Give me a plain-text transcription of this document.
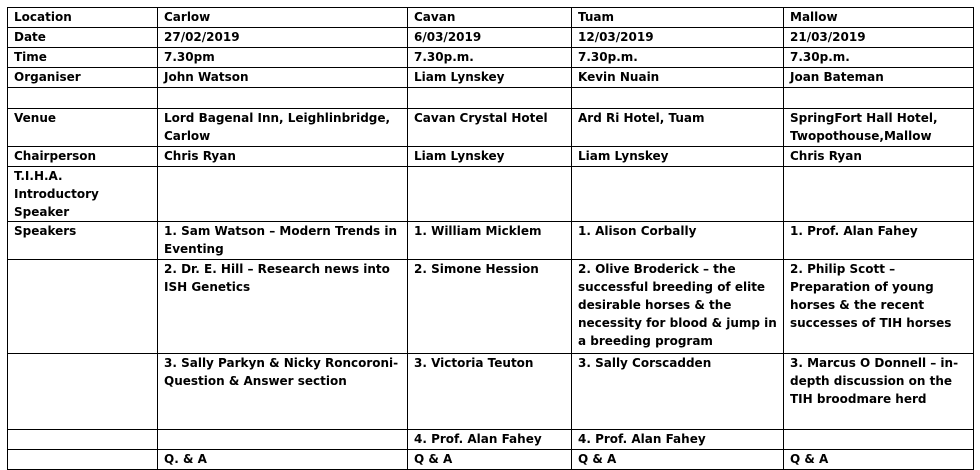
Location	Carlow	Cavan	Tuam	Mallow
Date	27/02/2019	6/03/2019	12/03/2019	21/03/2019
Time	7.30pm	7.30p.m.	7.30p.m.	7.30p.m.
Organiser	John Watson	Liam Lynskey	Kevin Nuain	Joan Bateman

Venue	Lord Bagenal Inn, Leighlinbridge, Carlow	Cavan Crystal Hotel	Ard Ri Hotel, Tuam	SpringFort Hall Hotel, Twopothouse,Mallow
Chairperson	Chris Ryan	Liam Lynskey	Liam Lynskey	Chris Ryan
T.I.H.A. Introductory Speaker				
Speakers	1. Sam Watson – Modern Trends in Eventing	1. William Micklem	1. Alison Corbally	1. Prof. Alan Fahey
	2. Dr. E. Hill – Research news into ISH Genetics	2. Simone Hession	2. Olive Broderick – the successful breeding of elite desirable horses & the necessity for blood & jump in a breeding program	2. Philip Scott – Preparation of young horses & the recent successes of TIH horses
	3. Sally Parkyn & Nicky Roncoroni- Question & Answer section	3. Victoria Teuton	3. Sally Corscadden	3. Marcus O Donnell – in-depth discussion on the TIH broodmare herd
		4. Prof. Alan Fahey	4. Prof. Alan Fahey	
	Q. & A	Q & A	Q & A	Q & A
